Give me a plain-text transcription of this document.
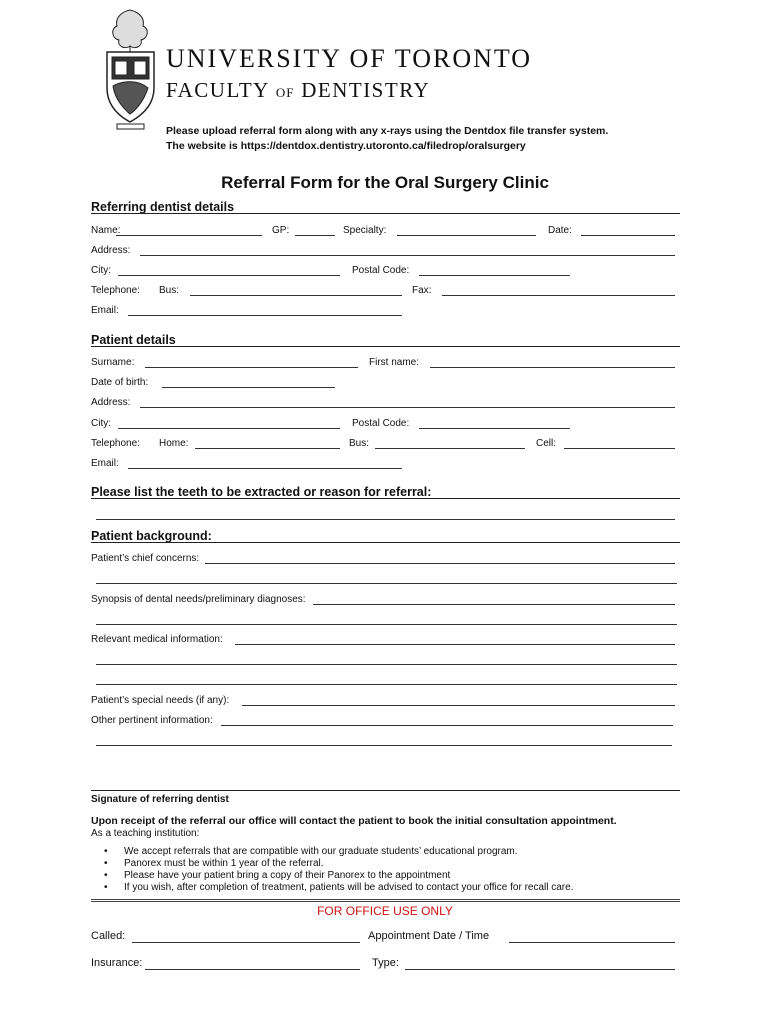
UNIVERSITY OF TORONTO
FACULTY OF DENTISTRY
Please upload referral form along with any x-rays using the Dentdox file transfer system. The website is https://dentdox.dentistry.utoronto.ca/filedrop/oralsurgery
Referral Form for the Oral Surgery Clinic
Referring dentist details
Name:	GP:	Specialty:	Date:
Address:
City:	Postal Code:
Telephone: Bus:	Fax:
Email:
Patient details
Surname:	First name:
Date of birth:
Address:
City:	Postal Code:
Telephone: Home:	Bus:	Cell:
Email:
Please list the teeth to be extracted or reason for referral:
Patient background:
Patient’s chief concerns:
Synopsis of dental needs/preliminary diagnoses:
Relevant medical information:
Patient’s special needs (if any):
Other pertinent information:
Signature of referring dentist
Upon receipt of the referral our office will contact the patient to book the initial consultation appointment.
As a teaching institution:
• We accept referrals that are compatible with our graduate students’ educational program.
• Panorex must be within 1 year of the referral.
• Please have your patient bring a copy of their Panorex to the appointment
• If you wish, after completion of treatment, patients will be advised to contact your office for recall care.
FOR OFFICE USE ONLY
Called:	Appointment Date / Time
Insurance:	Type:
